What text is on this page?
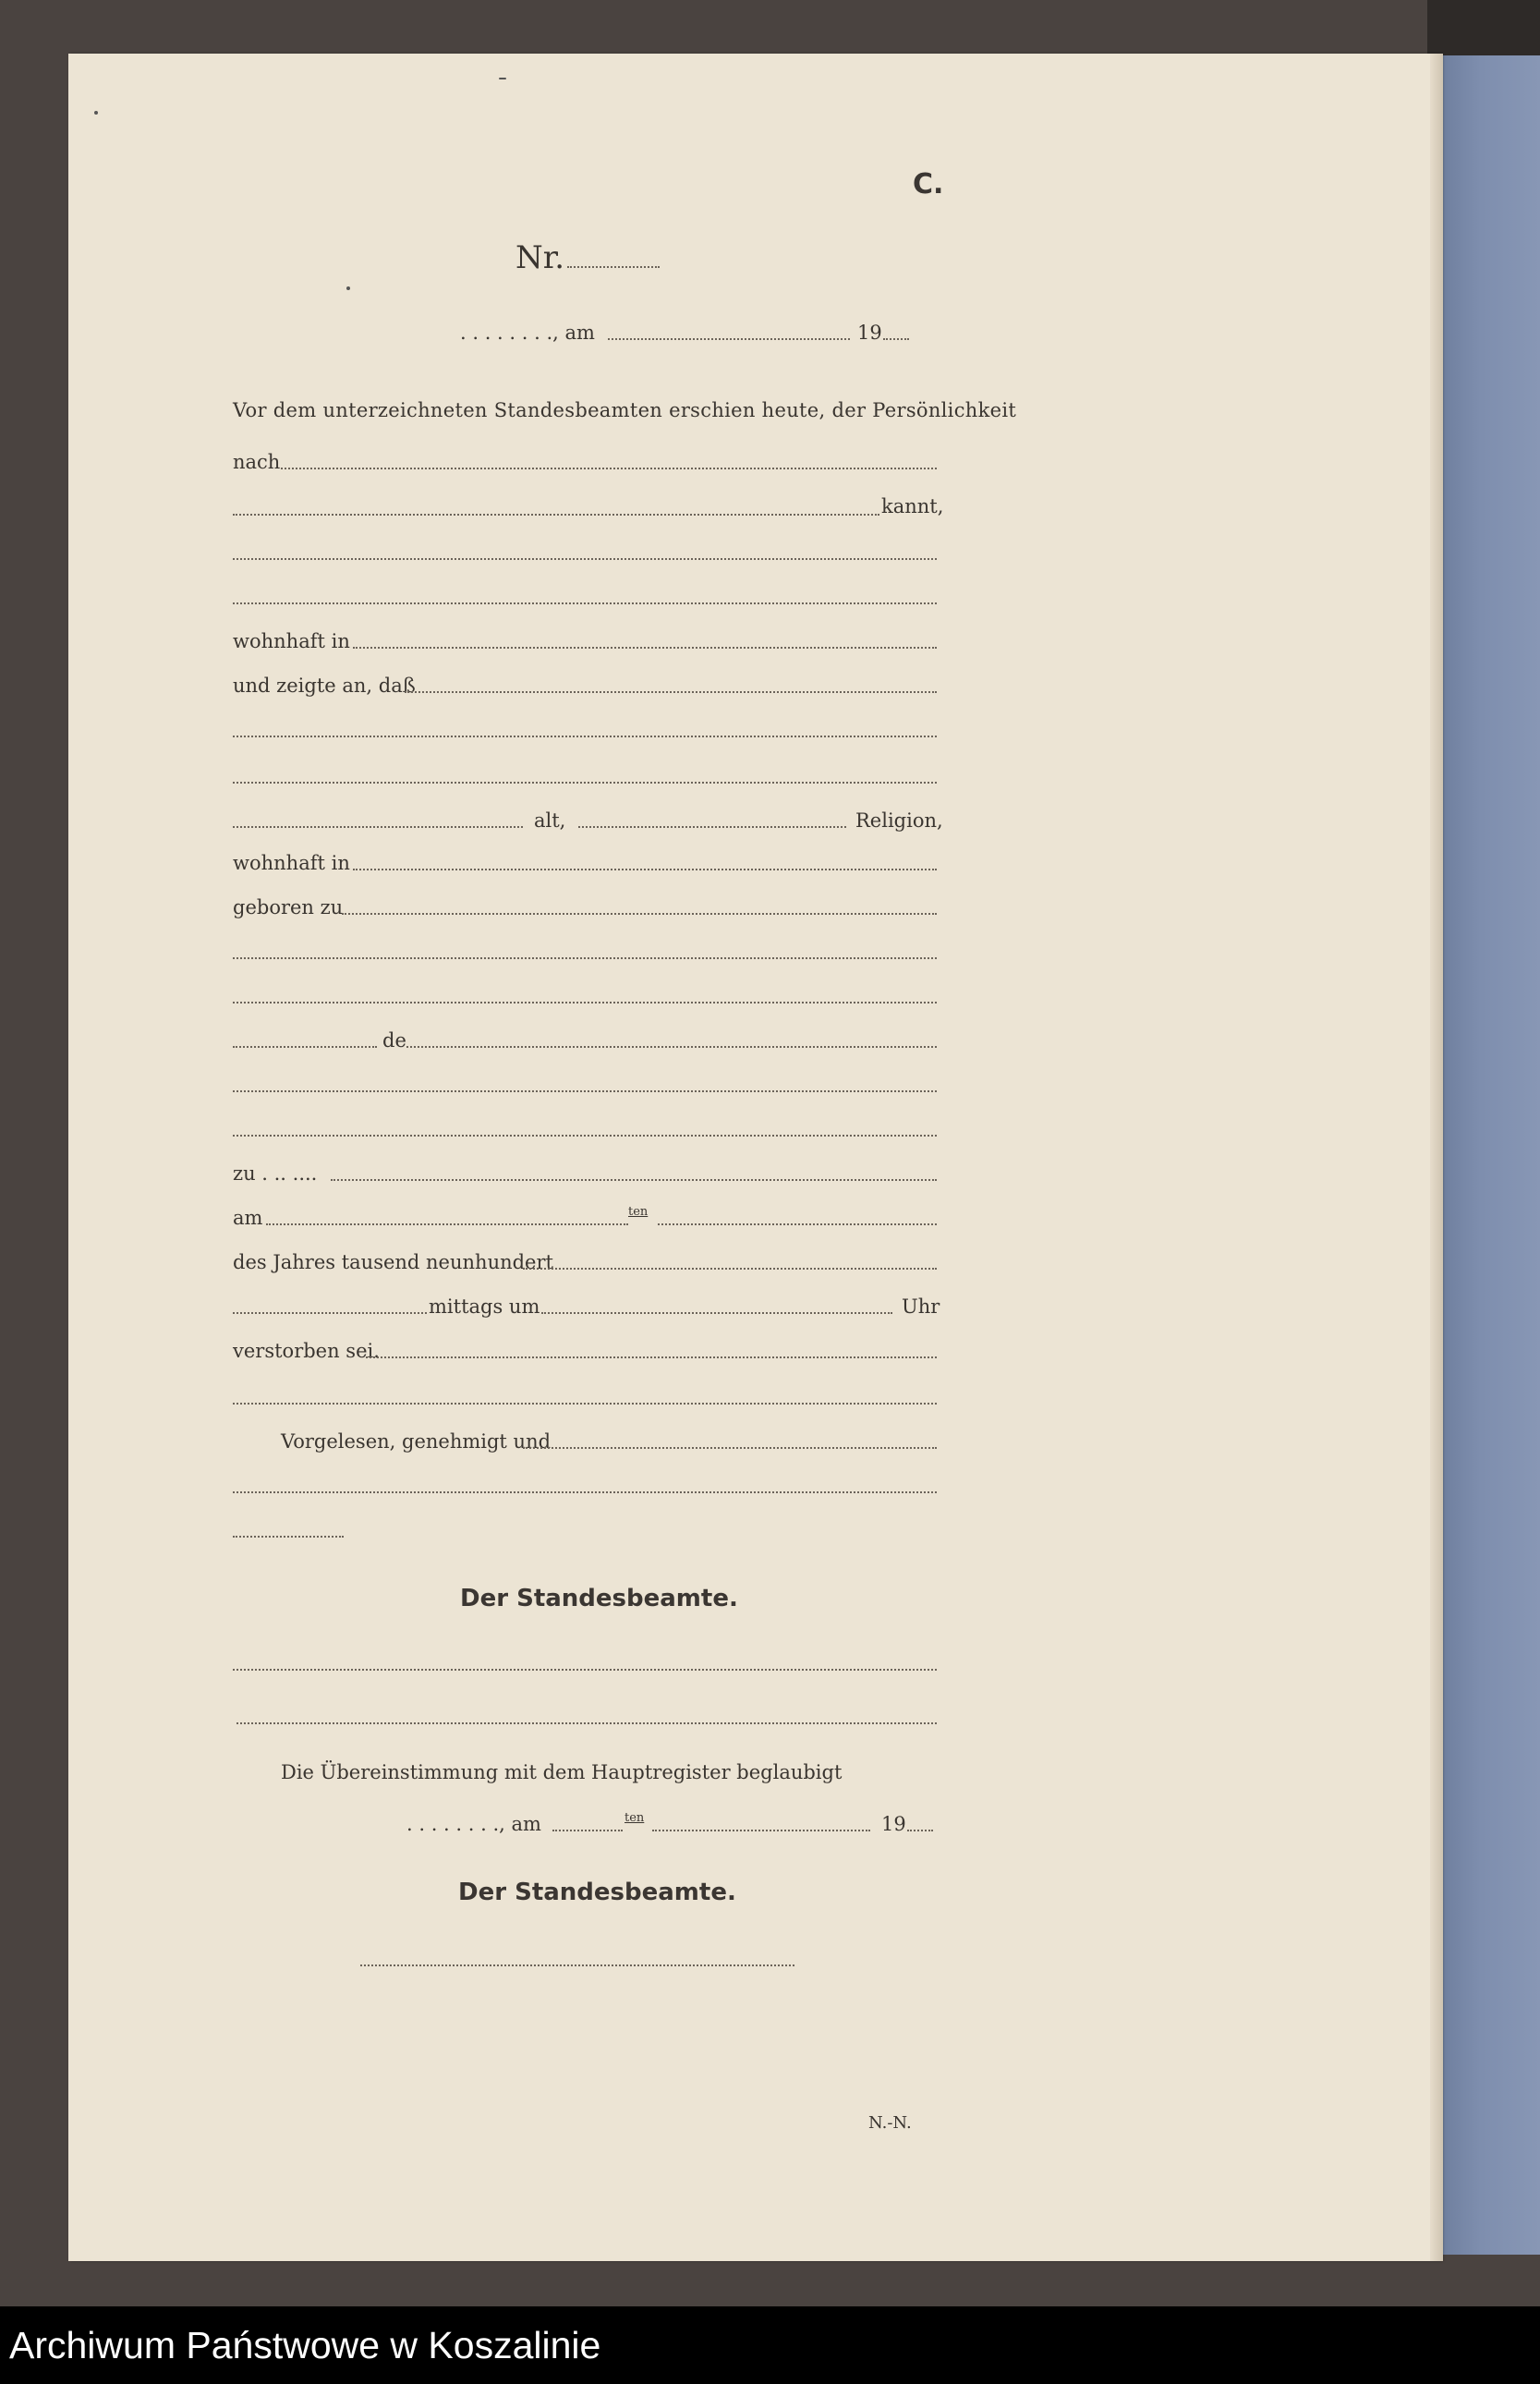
C.
Nr.
. . . . . . . ., am	19
Vor dem unterzeichneten Standesbeamten erschien heute, der Persönlichkeit
nach
kannt,
wohnhaft in
und zeigte an, daß
alt,	Religion,
wohnhaft in
geboren zu
de
zu . .. ....
am	ten
des Jahres tausend neunhundert
mittags um	Uhr
verstorben sei.
Vorgelesen, genehmigt und
Der Standesbeamte.
Die Übereinstimmung mit dem Hauptregister beglaubigt
. . . . . . . ., am	ten	19
Der Standesbeamte.
N.-N.
Archiwum Państwowe w Koszalinie
